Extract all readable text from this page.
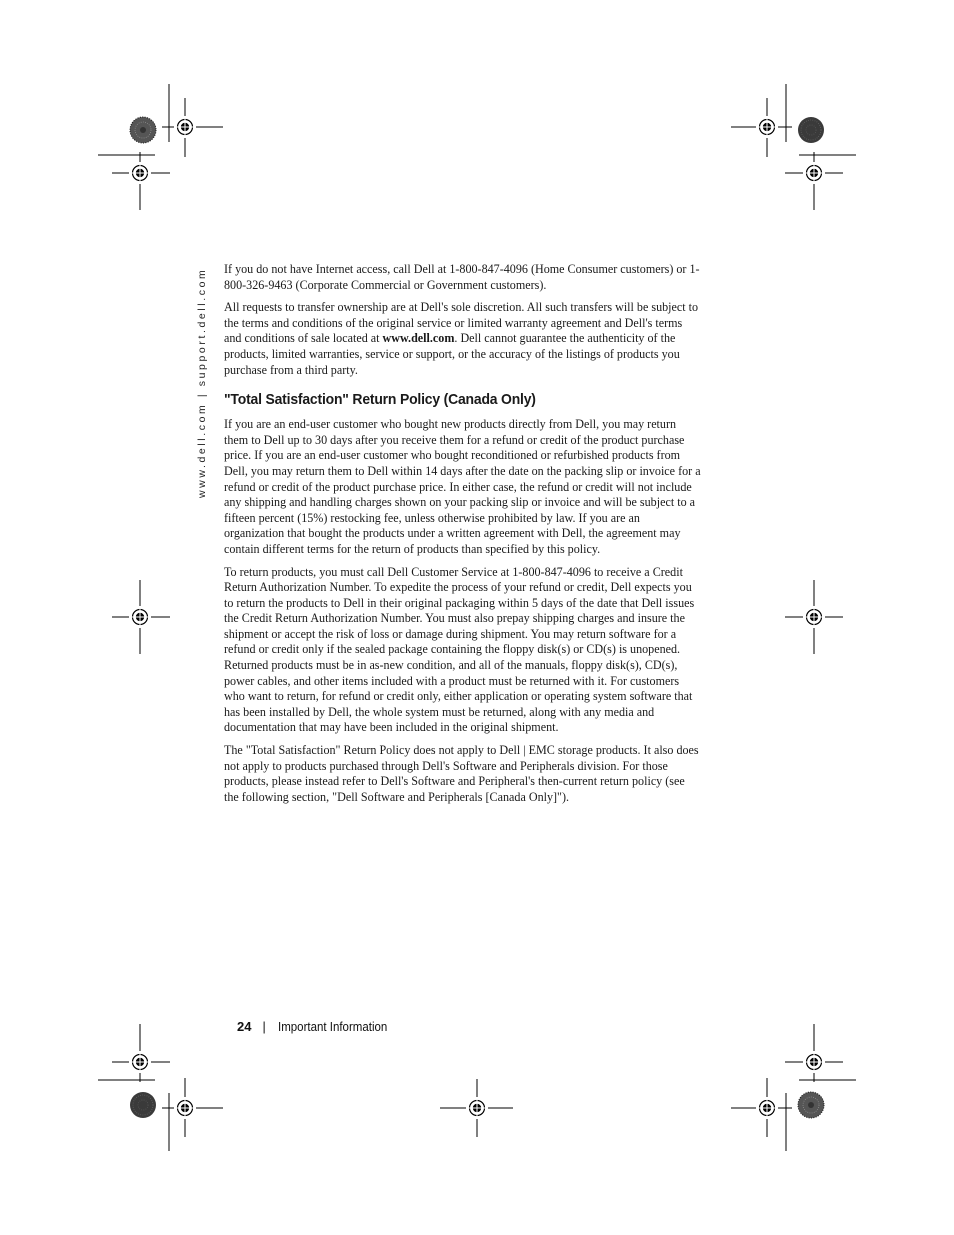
www.dell.com | support.dell.com	If you do not have Internet access, call Dell at 1-800-847-4096 (Home Consumer customers) or 1-800-326-9463 (Corporate Commercial or Government customers).

All requests to transfer ownership are at Dell's sole discretion. All such transfers will be subject to the terms and conditions of the original service or limited warranty agreement and Dell's terms and conditions of sale located at www.dell.com. Dell cannot guarantee the authenticity of the products, limited warranties, service or support, or the accuracy of the listings of products you purchase from a third party.

"Total Satisfaction" Return Policy (Canada Only)

If you are an end-user customer who bought new products directly from Dell, you may return them to Dell up to 30 days after you receive them for a refund or credit of the product purchase price. If you are an end-user customer who bought reconditioned or refurbished products from Dell, you may return them to Dell within 14 days after the date on the packing slip or invoice for a refund or credit of the product purchase price. In either case, the refund or credit will not include any shipping and handling charges shown on your packing slip or invoice and will be subject to a fifteen percent (15%) restocking fee, unless otherwise prohibited by law. If you are an organization that bought the products under a written agreement with Dell, the agreement may contain different terms for the return of products than specified by this policy.

To return products, you must call Dell Customer Service at 1-800-847-4096 to receive a Credit Return Authorization Number. To expedite the process of your refund or credit, Dell expects you to return the products to Dell in their original packaging within 5 days of the date that Dell issues the Credit Return Authorization Number. You must also prepay shipping charges and insure the shipment or accept the risk of loss or damage during shipment. You may return software for a refund or credit only if the sealed package containing the floppy disk(s) or CD(s) is unopened. Returned products must be in as-new condition, and all of the manuals, floppy disk(s), CD(s), power cables, and other items included with a product must be returned with it. For customers who want to return, for refund or credit only, either application or operating system software that has been installed by Dell, the whole system must be returned, along with any media and documentation that may have been included in the original shipment.

The "Total Satisfaction" Return Policy does not apply to Dell | EMC storage products. It also does not apply to products purchased through Dell's Software and Peripherals division. For those products, please instead refer to Dell's Software and Peripheral's then-current return policy (see the following section, "Dell Software and Peripherals [Canada Only]").

24 | Important Information
